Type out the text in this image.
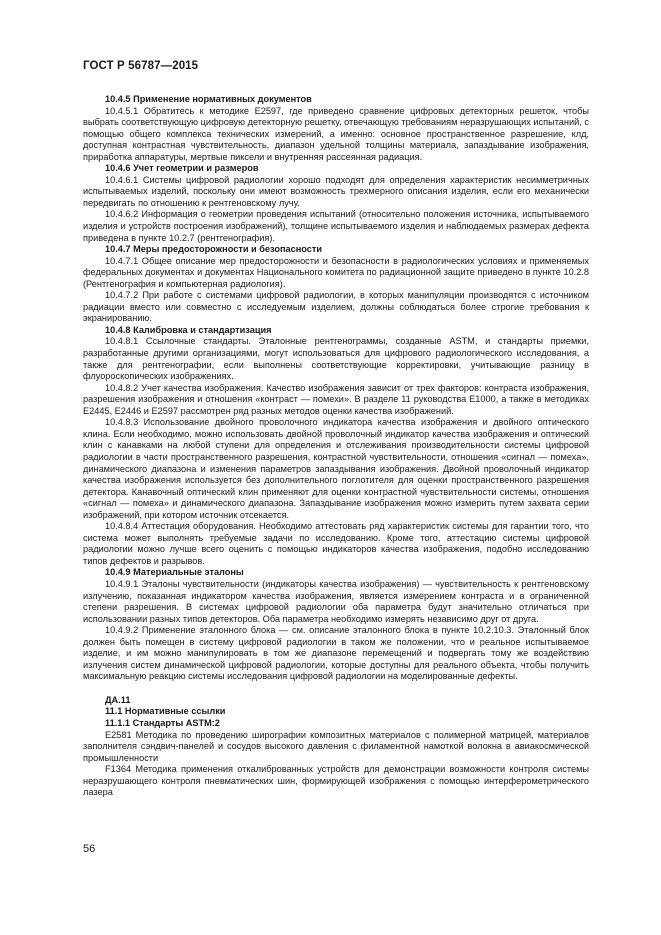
ГОСТ Р 56787—2015

10.4.5 Применение нормативных документов

10.4.5.1 Обратитесь к методике E2597, где приведено сравнение цифровых детекторных решеток, чтобы выбрать соответствующую цифровую детекторную решетку, отвечающую требованиям неразрушающих испытаний, с помощью общего комплекса технических измерений, а именно: основное пространственное разрешение, клд, доступная контрастная чувствительность, диапазон удельной толщины материала, запаздывание изображения, приработка аппаратуры, мертвые пиксели и внутренняя рассеянная радиация.

10.4.6 Учет геометрии и размеров

10.4.6.1 Системы цифровой радиологии хорошо подходят для определения характеристик несимметричных испытываемых изделий, поскольку они имеют возможность трехмерного описания изделия, если его механически передвигать по отношению к рентгеновскому лучу.

10.4.6.2 Информация о геометрии проведения испытаний (относительно положения источника, испытываемого изделия и устройств построения изображений), толщине испытываемого изделия и наблюдаемых размерах дефекта приведена в пункте 10.2.7 (рентгенография).

10.4.7 Меры предосторожности и безопасности

10.4.7.1 Общее описание мер предосторожности и безопасности в радиологических условиях и применяемых федеральных документах и документах Национального комитета по радиационной защите приведено в пункте 10.2.8 (Рентгенография и компьютерная радиология).

10.4.7.2 При работе с системами цифровой радиологии, в которых манипуляции производятся с источником радиации вместо или совместно с исследуемым изделием, должны соблюдаться более строгие требования к экранированию.

10.4.8 Калибровка и стандартизация

10.4.8.1 Ссылочные стандарты. Эталонные рентгенограммы, созданные ASTM, и стандарты приемки, разработанные другими организациями, могут использоваться для цифрового радиологического исследования, а также для рентгенографии, если выполнены соответствующие корректировки, учитывающие разницу в флуороскопических изображениях.

10.4.8.2 Учет качества изображения. Качество изображения зависит от трех факторов: контраста изображения, разрешения изображения и отношения «контраст — помехи». В разделе 11 руководства E1000, а также в методиках E2445, E2446 и E2597 рассмотрен ряд разных методов оценки качества изображений.

10.4.8.3 Использование двойного проволочного индикатора качества изображения и двойного оптического клина. Если необходимо, можно использовать двойной проволочный индикатор качества изображения и оптический клин с канавками на любой ступени для определения и отслеживания производительности системы цифровой радиологии в части пространственного разрешения, контрастной чувствительности, отношения «сигнал — помеха», динамического диапазона и изменения параметров запаздывания изображения. Двойной проволочный индикатор качества изображения используется без дополнительного поглотителя для оценки пространственного разрешения детектора. Канавочный оптический клин применяют для оценки контрастной чувствительности системы, отношения «сигнал — помеха» и динамического диапазона. Запаздывание изображения можно измерить путем захвата серии изображений, при котором источник отсекается.

10.4.8.4 Аттестация оборудования. Необходимо аттестовать ряд характеристик системы для гарантии того, что система может выполнять требуемые задачи по исследованию. Кроме того, аттестацию системы цифровой радиологии можно лучше всего оценить с помощью индикаторов качества изображения, подобно исследованию типов дефектов и разрывов.

10.4.9 Материальные эталоны

10.4.9.1 Эталоны чувствительности (индикаторы качества изображения) — чувствительность к рентгеновскому излучению, показанная индикатором качества изображения, является измерением контраста и в ограниченной степени разрешения. В системах цифровой радиологии оба параметра будут значительно отличаться при использовании разных типов детекторов. Оба параметра необходимо измерять независимо друг от друга.

10.4.9.2 Применение эталонного блока — см. описание эталонного блока в пункте 10.2.10.3. Эталонный блок должен быть помещен в систему цифровой радиологии в таком же положении, что и реальное испытываемое изделие, и им можно манипулировать в том же диапазоне перемещений и подвергать тому же воздействию излучения систем динамической цифровой радиологии, которые доступны для реального объекта, чтобы получить максимальную реакцию системы исследования цифровой радиологии на моделированные дефекты.

ДА.11

11.1 Нормативные ссылки

11.1.1 Стандарты ASTM:2

E2581 Методика по проведению ширографии композитных материалов с полимерной матрицей, материалов заполнителя сэндвич-панелей и сосудов высокого давления с филаментной намоткой волокна в авиакосмической промышленности

F1364 Методика применения откалиброванных устройств для демонстрации возможности контроля системы неразрушающего контроля пневматических шин, формирующей изображения с помощью интерферометрического лазера

56
